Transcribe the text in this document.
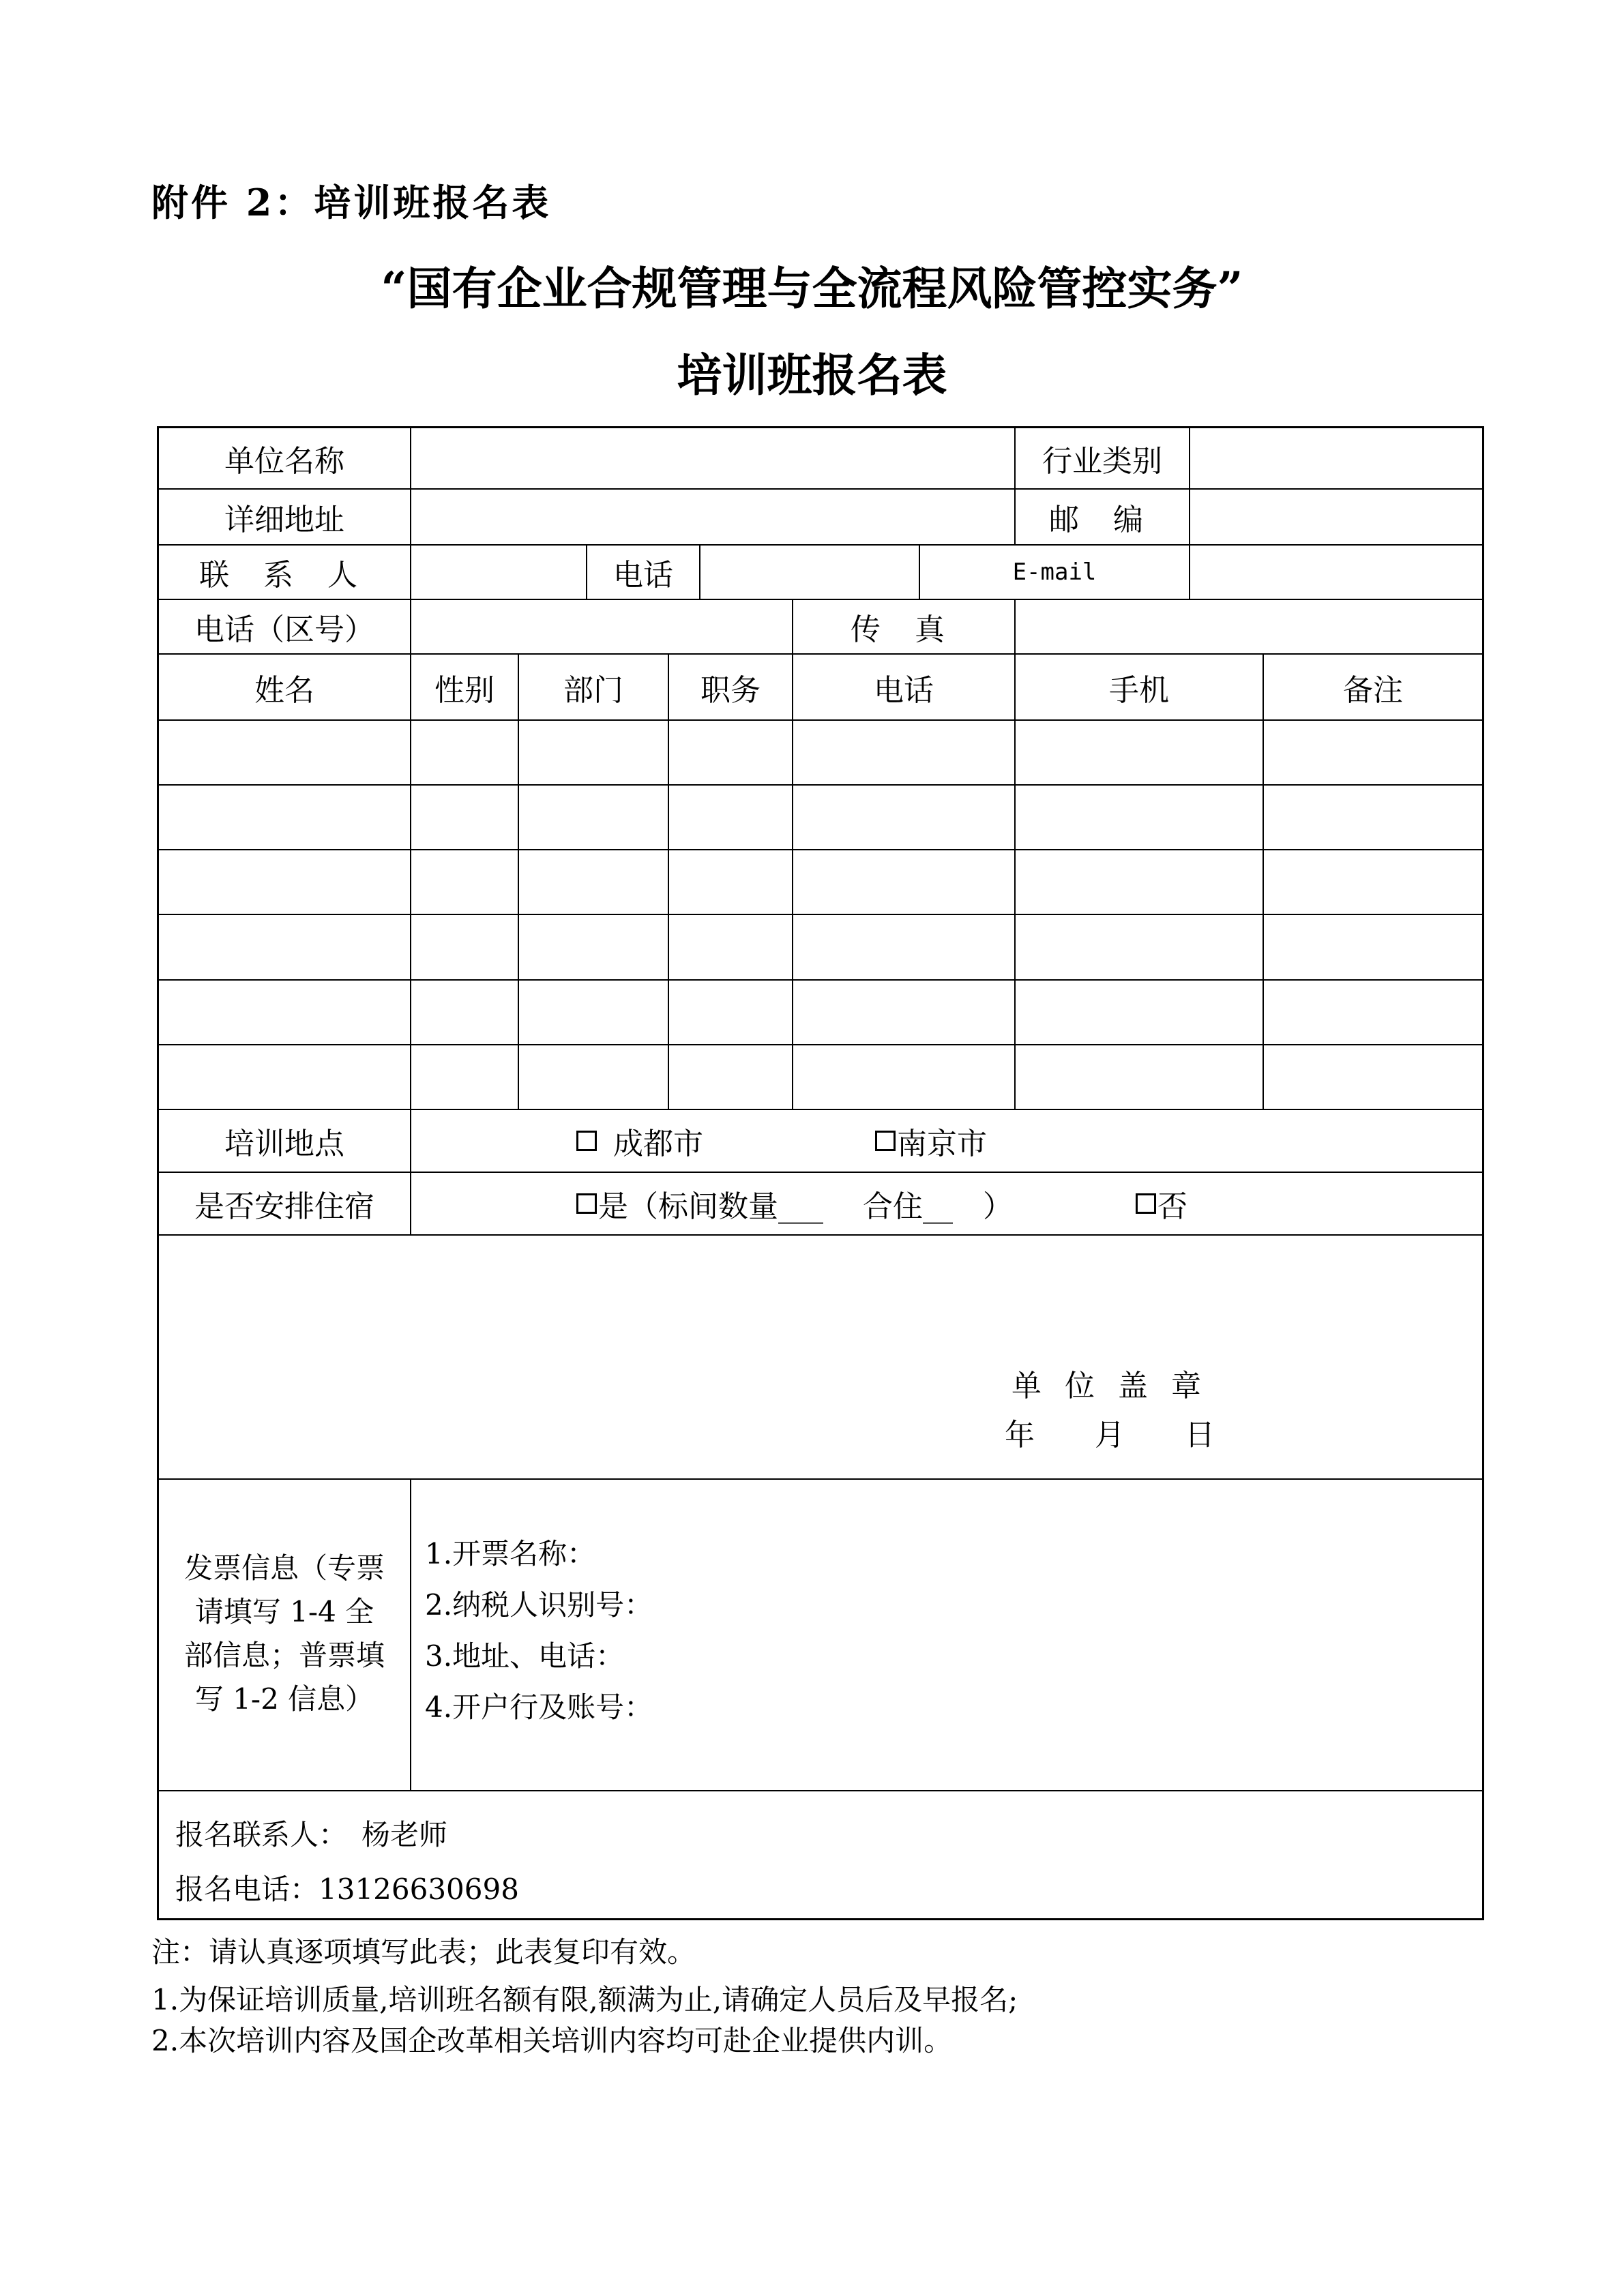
附件 2：培训班报名表
“国有企业合规管理与全流程风险管控实务”
培训班报名表
单位名称	行业类别
详细地址	邮 编
联 系 人	电话	E-mail
电话（区号）	传 真
姓名	性别	部门	职务	电话	手机	备注
培训地点	成都市	南京市
是否安排住宿	是（标间数量___　 合住__　）	否
单 位 盖 章
年　 月　 日
发票信息（专票
请填写 1-4 全
部信息；普票填
写 1-2 信息）
1.开票名称：
2.纳税人识别号：
3.地址、电话：
4.开户行及账号：
报名联系人：　杨老师
报名电话：13126630698
注：请认真逐项填写此表；此表复印有效。
1.为保证培训质量,培训班名额有限,额满为止,请确定人员后及早报名;
2.本次培训内容及国企改革相关培训内容均可赴企业提供内训。
